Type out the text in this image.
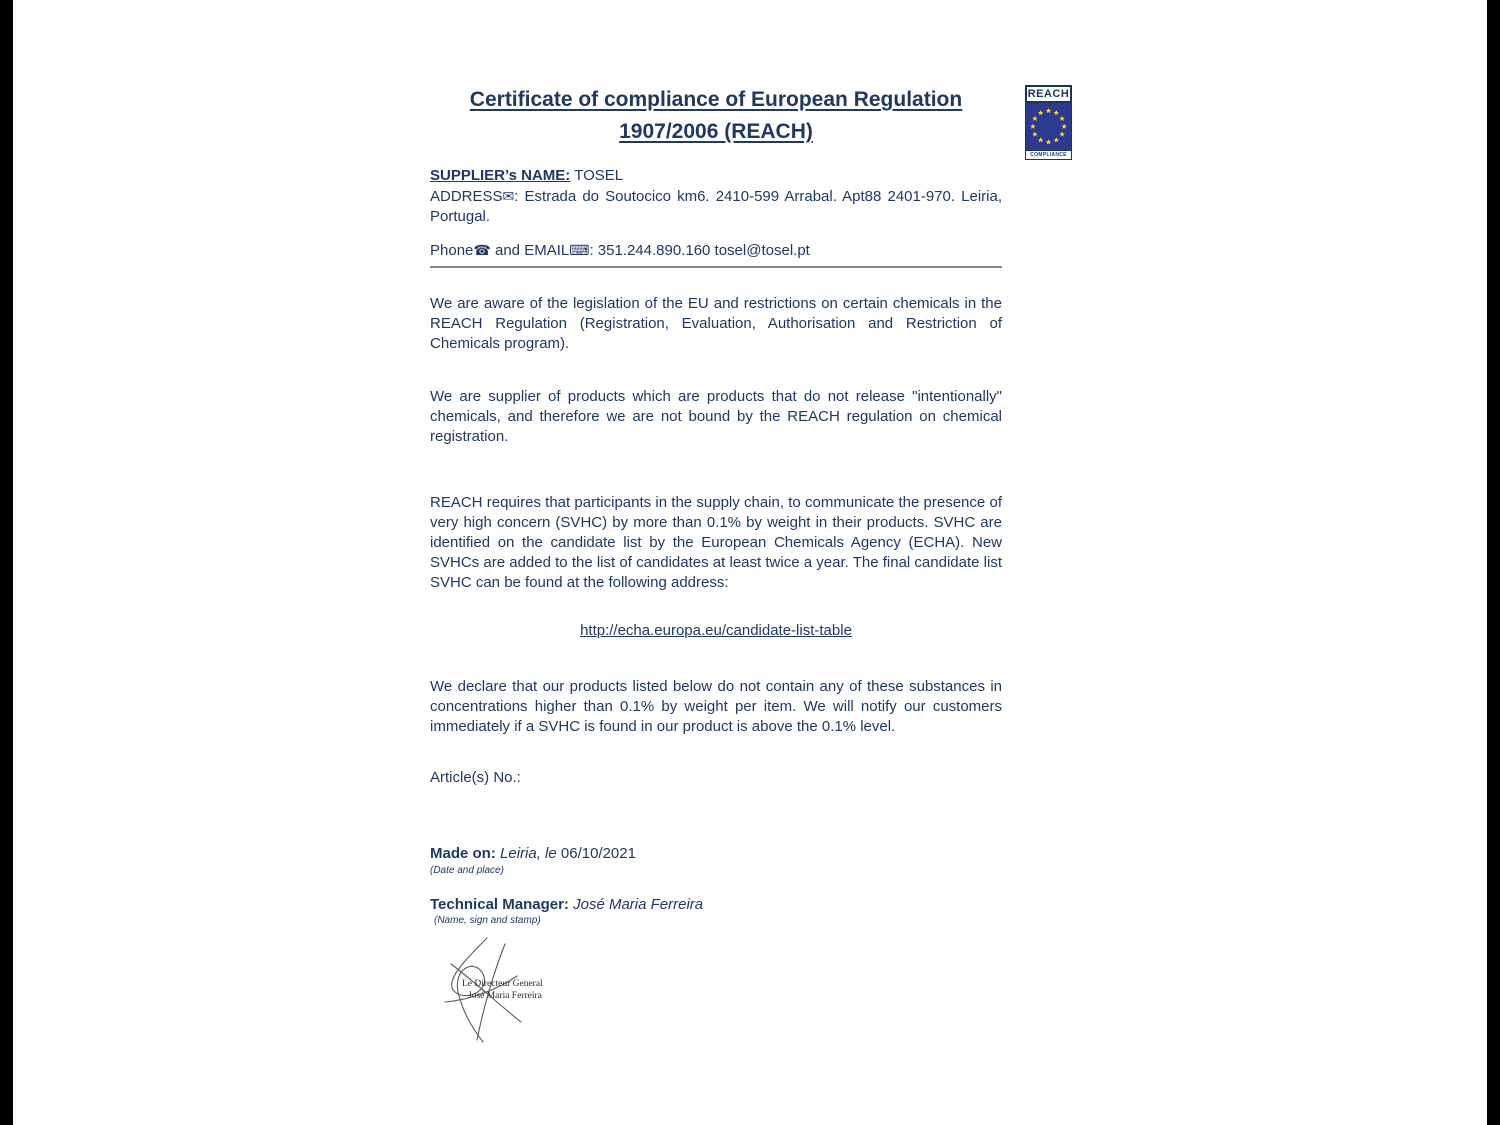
Certificate of compliance of European Regulation
1907/2006 (REACH)
REACH
COMPLIANCE
SUPPLIER’s NAME: TOSEL
ADDRESS✉: Estrada do Soutocico km6. 2410-599 Arrabal. Apt88 2401-970. Leiria, Portugal.
Phone☎ and EMAIL⌨: 351.244.890.160 tosel@tosel.pt
We are aware of the legislation of the EU and restrictions on certain chemicals in the REACH Regulation (Registration, Evaluation, Authorisation and Restriction of Chemicals program).
We are supplier of products which are products that do not release "intentionally" chemicals, and therefore we are not bound by the REACH regulation on chemical registration.
REACH requires that participants in the supply chain, to communicate the presence of very high concern (SVHC) by more than 0.1% by weight in their products. SVHC are identified on the candidate list by the European Chemicals Agency (ECHA). New SVHCs are added to the list of candidates at least twice a year. The final candidate list SVHC can be found at the following address:
http://echa.europa.eu/candidate-list-table
We declare that our products listed below do not contain any of these substances in concentrations higher than 0.1% by weight per item. We will notify our customers immediately if a SVHC is found in our product is above the 0.1% level.
Article(s) No.:
Made on: Leiria, le 06/10/2021
(Date and place)
Technical Manager: José Maria Ferreira
(Name, sign and stamp)
Le Directeur General
José Maria Ferreira
